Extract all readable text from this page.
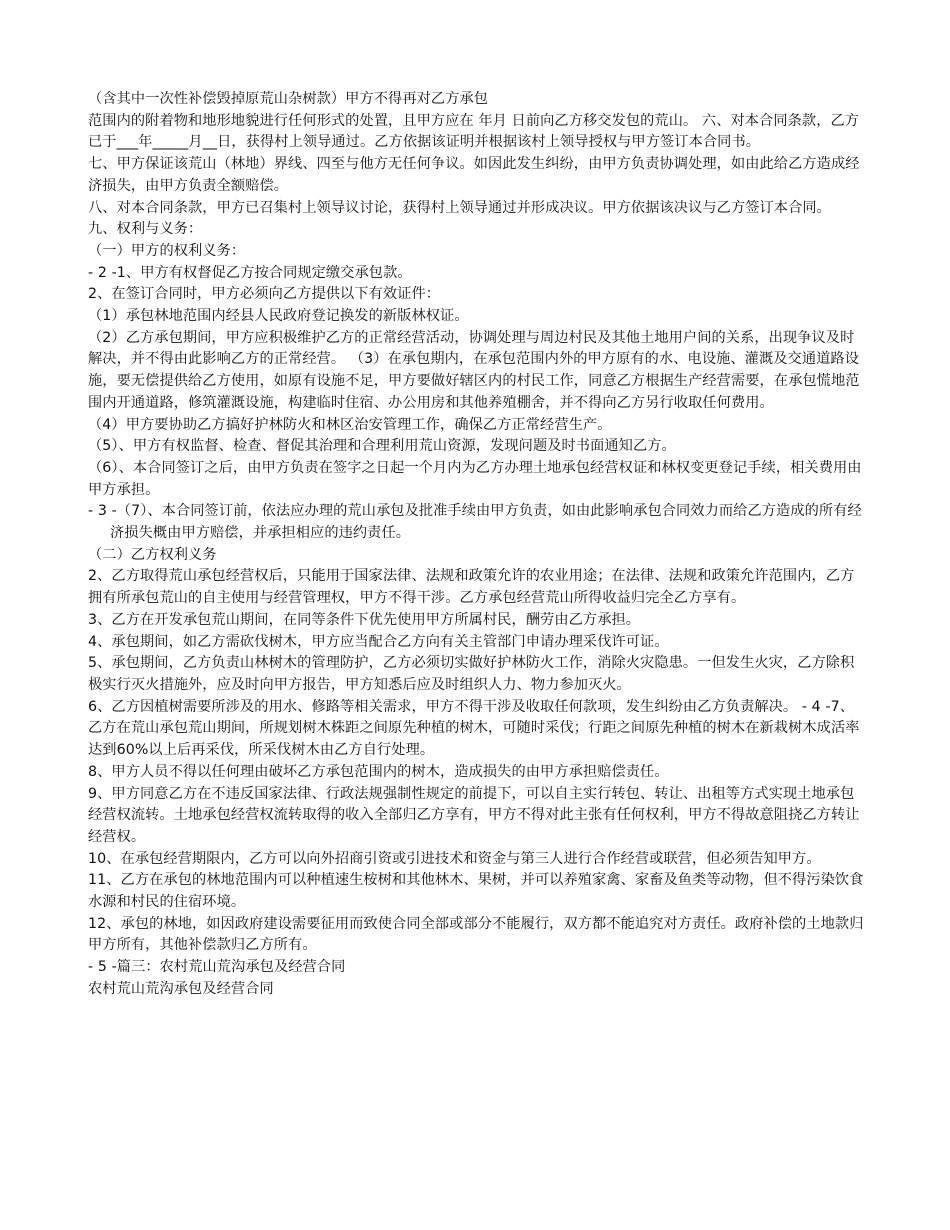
（含其中一次性补偿毁掉原荒山杂树款）甲方不得再对乙方承包

范围内的附着物和地形地貌进行任何形式的处置，且甲方应在 年月 日前向乙方移交发包的荒山。 六、对本合同条款，乙方已于___年_____月__日，获得村上领导通过。乙方依据该证明并根据该村上领导授权与甲方签订本合同书。

七、甲方保证该荒山（林地）界线、四至与他方无任何争议。如因此发生纠纷，由甲方负责协调处理，如由此给乙方造成经济损失，由甲方负责全额赔偿。

八、对本合同条款，甲方已召集村上领导议讨论，获得村上领导通过并形成决议。甲方依据该决议与乙方签订本合同。

九、权利与义务：

（一）甲方的权利义务：

- 2 -1、甲方有权督促乙方按合同规定缴交承包款。

2、在签订合同时，甲方必须向乙方提供以下有效证件：

（1）承包林地范围内经县人民政府登记换发的新版林权证。

（2）乙方承包期间，甲方应积极维护乙方的正常经营活动，协调处理与周边村民及其他土地用户间的关系，出现争议及时解决，并不得由此影响乙方的正常经营。 （3）在承包期内，在承包范围内外的甲方原有的水、电设施、灌溉及交通道路设施，要无偿提供给乙方使用，如原有设施不足，甲方要做好辖区内的村民工作，同意乙方根据生产经营需要，在承包慌地范围内开通道路，修筑灌溉设施，构建临时住宿、办公用房和其他养殖棚舍，并不得向乙方另行收取任何费用。

（4）甲方要协助乙方搞好护林防火和林区治安管理工作，确保乙方正常经营生产。

（5）、甲方有权监督、检查、督促其治理和合理利用荒山资源，发现问题及时书面通知乙方。

（6）、本合同签订之后，由甲方负责在签字之日起一个月内为乙方办理土地承包经营权证和林权变更登记手续，相关费用由甲方承担。

- 3 -（7）、本合同签订前，依法应办理的荒山承包及批准手续由甲方负责，如由此影响承包合同效力而给乙方造成的所有经济损失概由甲方赔偿，并承担相应的违约责任。

（二）乙方权利义务

2、乙方取得荒山承包经营权后，只能用于国家法律、法规和政策允许的农业用途；在法律、法规和政策允许范围内，乙方拥有所承包荒山的自主使用与经营管理权，甲方不得干涉。乙方承包经营荒山所得收益归完全乙方享有。

3、乙方在开发承包荒山期间，在同等条件下优先使用甲方所属村民，酬劳由乙方承担。

4、承包期间，如乙方需砍伐树木，甲方应当配合乙方向有关主管部门申请办理采伐许可证。

5、承包期间，乙方负责山林树木的管理防护，乙方必须切实做好护林防火工作，消除火灾隐患。一但发生火灾，乙方除积极实行灭火措施外，应及时向甲方报告，甲方知悉后应及时组织人力、物力参加灭火。

6、乙方因植树需要所涉及的用水、修路等相关需求，甲方不得干涉及收取任何款项，发生纠纷由乙方负责解决。 - 4 -7、乙方在荒山承包荒山期间，所规划树木株距之间原先种植的树木，可随时采伐；行距之间原先种植的树木在新栽树木成活率达到60%以上后再采伐，所采伐树木由乙方自行处理。

8、甲方人员不得以任何理由破坏乙方承包范围内的树木，造成损失的由甲方承担赔偿责任。

9、甲方同意乙方在不违反国家法律、行政法规强制性规定的前提下，可以自主实行转包、转让、出租等方式实现土地承包经营权流转。土地承包经营权流转取得的收入全部归乙方享有，甲方不得对此主张有任何权利，甲方不得故意阻挠乙方转让经营权。

10、在承包经营期限内，乙方可以向外招商引资或引进技术和资金与第三人进行合作经营或联营，但必须告知甲方。

11、乙方在承包的林地范围内可以种植速生桉树和其他林木、果树，并可以养殖家禽、家畜及鱼类等动物，但不得污染饮食水源和村民的住宿环境。

12、承包的林地，如因政府建设需要征用而致使合同全部或部分不能履行，双方都不能追究对方责任。政府补偿的土地款归甲方所有，其他补偿款归乙方所有。

- 5 -篇三：农村荒山荒沟承包及经营合同

农村荒山荒沟承包及经营合同
